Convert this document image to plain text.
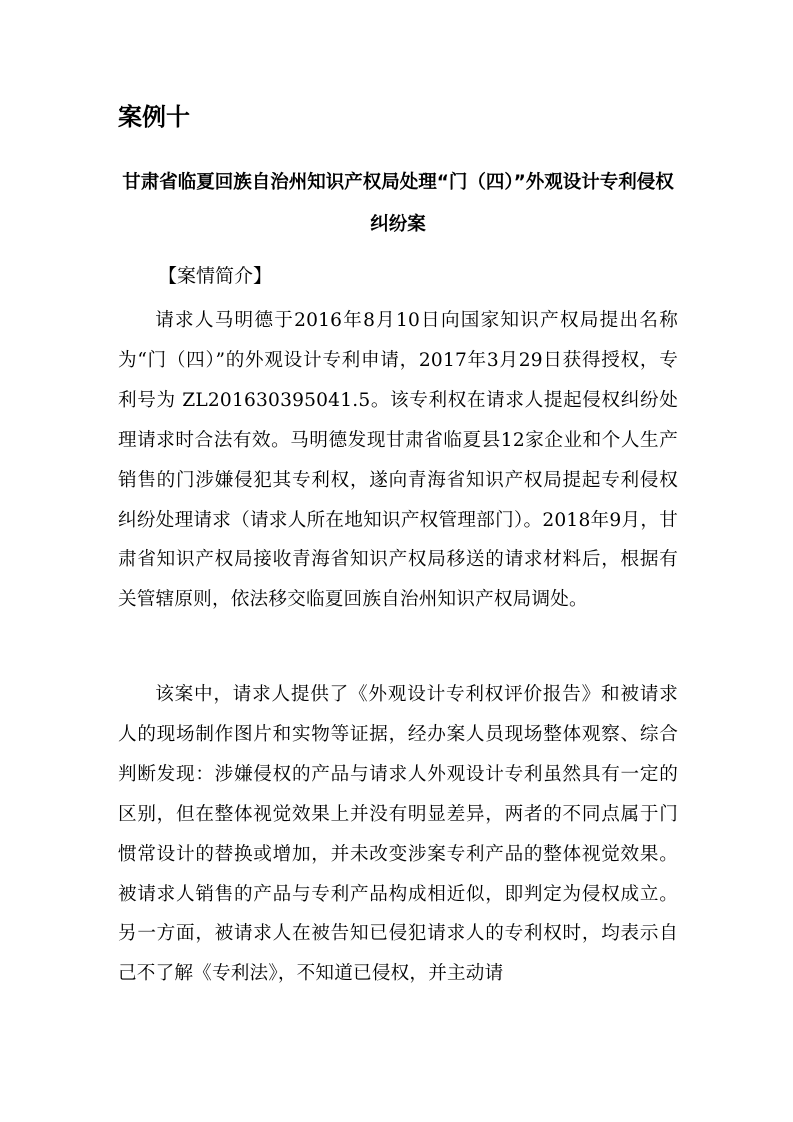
案例十
甘肃省临夏回族自治州知识产权局处理“门（四）”外观设计专利侵权纠纷案

【案情简介】

请求人马明德于2016年8月10日向国家知识产权局提出名称为“门（四）”的外观设计专利申请，2017年3月29日获得授权，专利号为 ZL201630395041.5。该专利权在请求人提起侵权纠纷处理请求时合法有效。马明德发现甘肃省临夏县12家企业和个人生产销售的门涉嫌侵犯其专利权，遂向青海省知识产权局提起专利侵权纠纷处理请求（请求人所在地知识产权管理部门）。2018年9月，甘肃省知识产权局接收青海省知识产权局移送的请求材料后，根据有关管辖原则，依法移交临夏回族自治州知识产权局调处。

该案中，请求人提供了《外观设计专利权评价报告》和被请求人的现场制作图片和实物等证据，经办案人员现场整体观察、综合判断发现：涉嫌侵权的产品与请求人外观设计专利虽然具有一定的区别，但在整体视觉效果上并没有明显差异，两者的不同点属于门惯常设计的替换或增加，并未改变涉案专利产品的整体视觉效果。被请求人销售的产品与专利产品构成相近似，即判定为侵权成立。另一方面，被请求人在被告知已侵犯请求人的专利权时，均表示自己不了解《专利法》，不知道已侵权，并主动请
